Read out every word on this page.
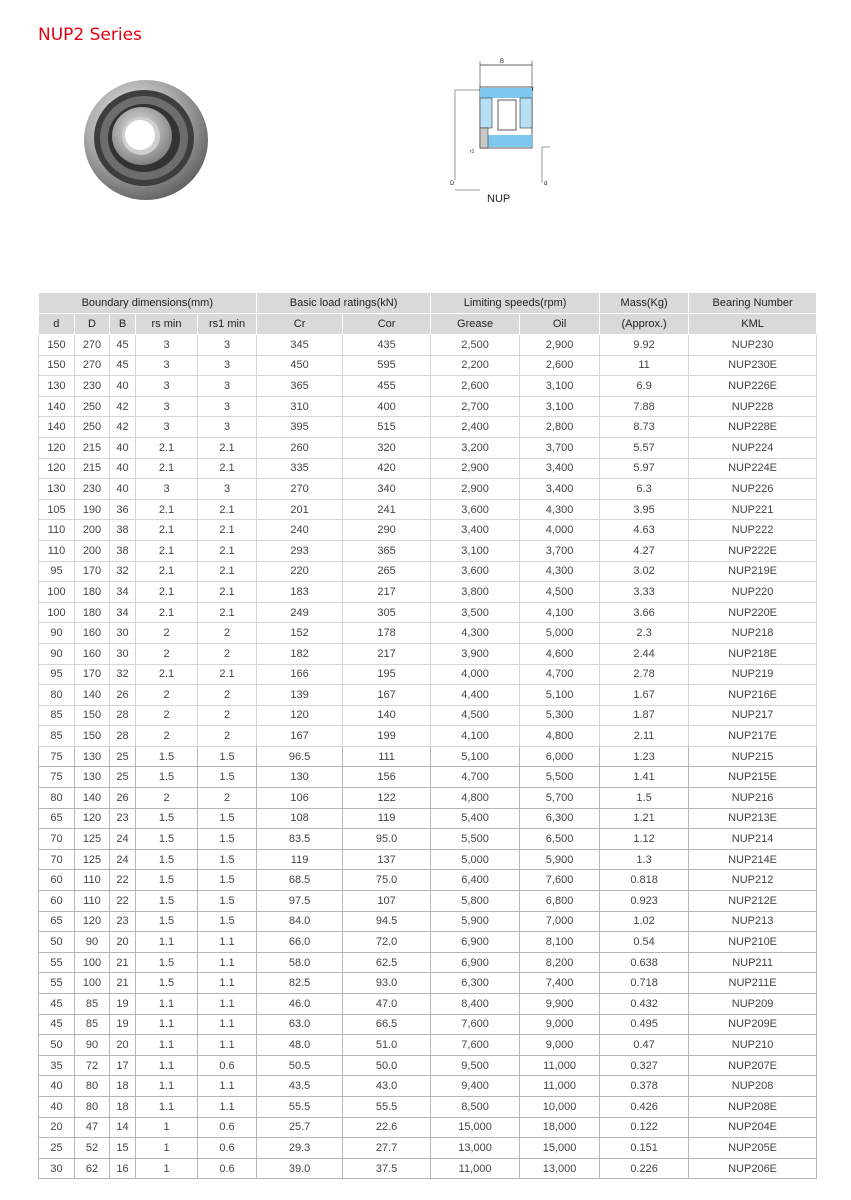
NUP2 Series
B
r
D	d
r1
NUP
Boundary dimensions(mm)					Basic load ratings(kN)		Limiting speeds(rpm)		Mass(Kg)	Bearing Number
d	D	B	rs min	rs1 min	Cr	Cor	Grease	Oil	(Approx.)	KML
150	270	45	3	3	345	435	2,500	2,900	9.92	NUP230
150	270	45	3	3	450	595	2,200	2,600	11	NUP230E
130	230	40	3	3	365	455	2,600	3,100	6.9	NUP226E
140	250	42	3	3	310	400	2,700	3,100	7.88	NUP228
140	250	42	3	3	395	515	2,400	2,800	8.73	NUP228E
120	215	40	2.1	2.1	260	320	3,200	3,700	5.57	NUP224
120	215	40	2.1	2.1	335	420	2,900	3,400	5.97	NUP224E
130	230	40	3	3	270	340	2,900	3,400	6.3	NUP226
105	190	36	2.1	2.1	201	241	3,600	4,300	3.95	NUP221
110	200	38	2.1	2.1	240	290	3,400	4,000	4.63	NUP222
110	200	38	2.1	2.1	293	365	3,100	3,700	4.27	NUP222E
95	170	32	2.1	2.1	220	265	3,600	4,300	3.02	NUP219E
100	180	34	2.1	2.1	183	217	3,800	4,500	3.33	NUP220
100	180	34	2.1	2.1	249	305	3,500	4,100	3.66	NUP220E
90	160	30	2	2	152	178	4,300	5,000	2.3	NUP218
90	160	30	2	2	182	217	3,900	4,600	2.44	NUP218E
95	170	32	2.1	2.1	166	195	4,000	4,700	2.78	NUP219
80	140	26	2	2	139	167	4,400	5,100	1.67	NUP216E
85	150	28	2	2	120	140	4,500	5,300	1.87	NUP217
85	150	28	2	2	167	199	4,100	4,800	2.11	NUP217E
75	130	25	1.5	1.5	96.5	111	5,100	6,000	1.23	NUP215
75	130	25	1.5	1.5	130	156	4,700	5,500	1.41	NUP215E
80	140	26	2	2	106	122	4,800	5,700	1.5	NUP216
65	120	23	1.5	1.5	108	119	5,400	6,300	1.21	NUP213E
70	125	24	1.5	1.5	83.5	95.0	5,500	6,500	1.12	NUP214
70	125	24	1.5	1.5	119	137	5,000	5,900	1.3	NUP214E
60	110	22	1.5	1.5	68.5	75.0	6,400	7,600	0.818	NUP212
60	110	22	1.5	1.5	97.5	107	5,800	6,800	0.923	NUP212E
65	120	23	1.5	1.5	84.0	94.5	5,900	7,000	1.02	NUP213
50	90	20	1.1	1.1	66.0	72.0	6,900	8,100	0.54	NUP210E
55	100	21	1.5	1.1	58.0	62.5	6,900	8,200	0.638	NUP211
55	100	21	1.5	1.1	82.5	93.0	6,300	7,400	0.718	NUP211E
45	85	19	1.1	1.1	46.0	47.0	8,400	9,900	0.432	NUP209
45	85	19	1.1	1.1	63.0	66.5	7,600	9,000	0.495	NUP209E
50	90	20	1.1	1.1	48.0	51.0	7,600	9,000	0.47	NUP210
35	72	17	1.1	0.6	50.5	50.0	9,500	11,000	0.327	NUP207E
40	80	18	1.1	1.1	43.5	43.0	9,400	11,000	0.378	NUP208
40	80	18	1.1	1.1	55.5	55.5	8,500	10,000	0.426	NUP208E
20	47	14	1	0.6	25.7	22.6	15,000	18,000	0.122	NUP204E
25	52	15	1	0.6	29.3	27.7	13,000	15,000	0.151	NUP205E
30	62	16	1	0.6	39.0	37.5	11,000	13,000	0.226	NUP206E
